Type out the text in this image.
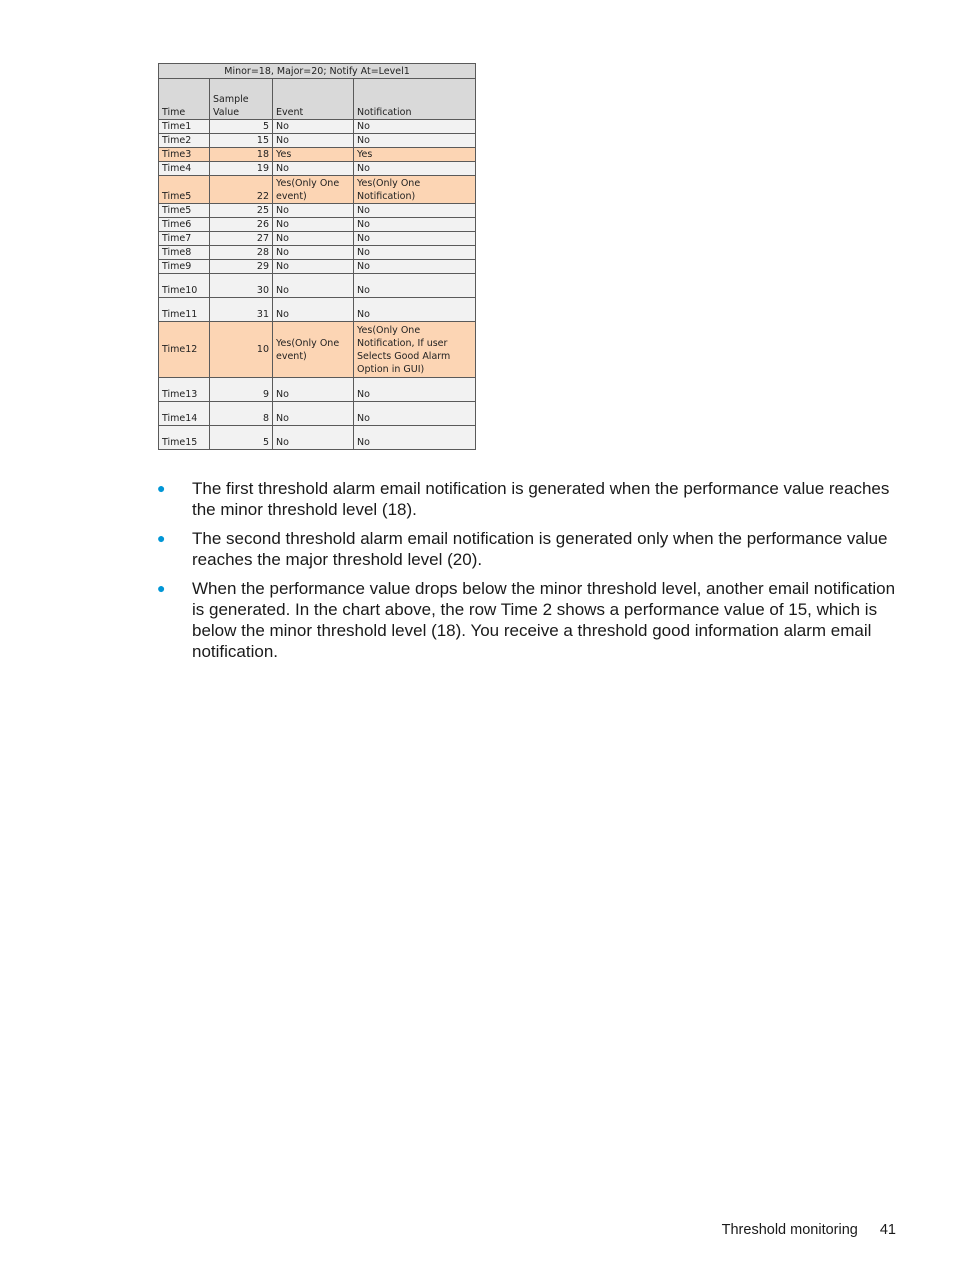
Minor=18, Major=20; Notify At=Level1			
Time	Sample Value	Event	Notification
Time1	5	No	No
Time2	15	No	No
Time3	18	Yes	Yes
Time4	19	No	No
Time5	22	Yes(Only One event)	Yes(Only One Notification)
Time5	25	No	No
Time6	26	No	No
Time7	27	No	No
Time8	28	No	No
Time9	29	No	No
Time10	30	No	No
Time11	31	No	No
Time12	10	Yes(Only One event)	Yes(Only One Notification, If user Selects Good Alarm Option in GUI)
Time13	9	No	No
Time14	8	No	No
Time15	5	No	No
● The first threshold alarm email notification is generated when the performance value reaches the minor threshold level (18).
● The second threshold alarm email notification is generated only when the performance value reaches the major threshold level (20).
● When the performance value drops below the minor threshold level, another email notification is generated. In the chart above, the row Time 2 shows a performance value of 15, which is below the minor threshold level (18). You receive a threshold good information alarm email notification.
Threshold monitoring 41
